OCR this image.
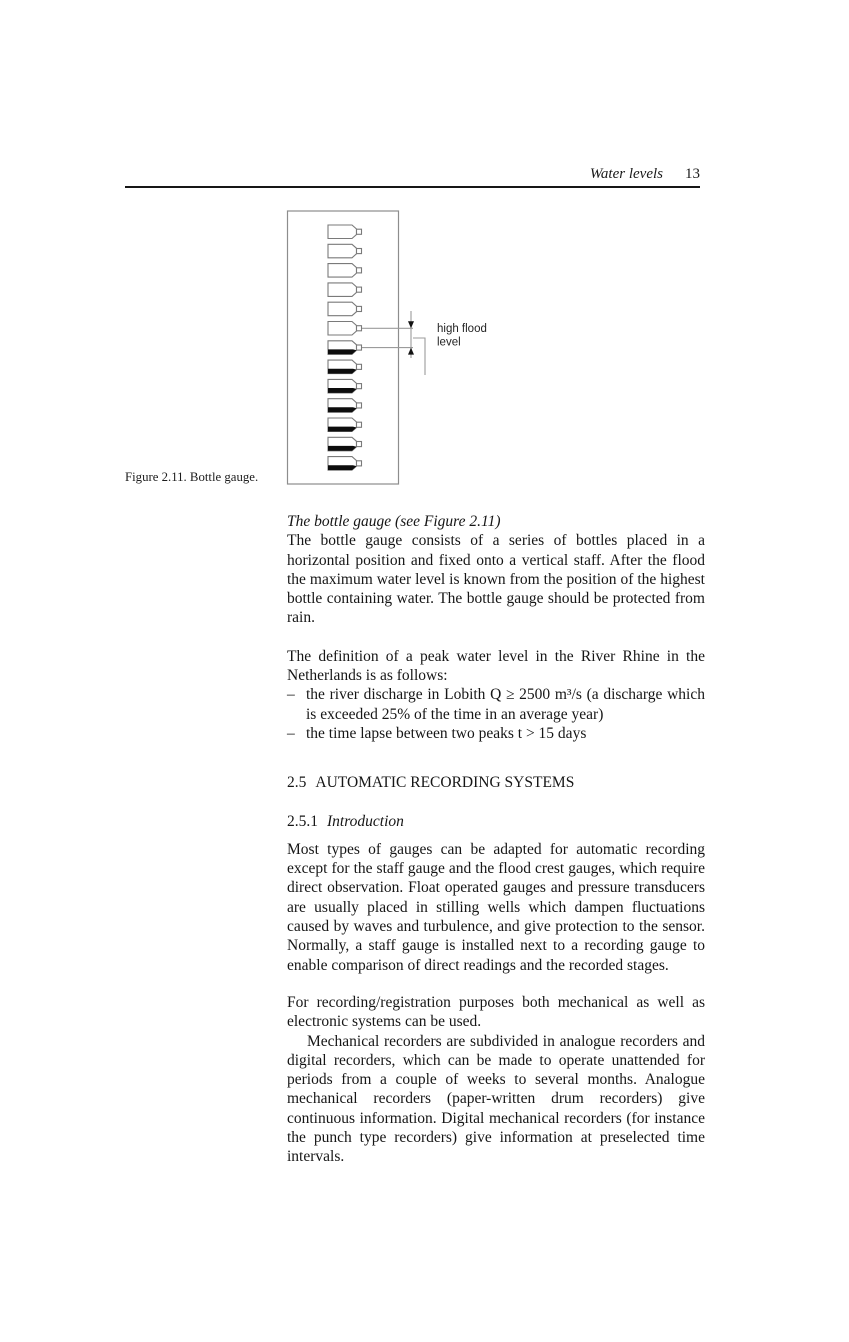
Water levels 13
high flood
level
Figure 2.11. Bottle gauge.

The bottle gauge (see Figure 2.11)

The bottle gauge consists of a series of bottles placed in a horizontal position and fixed onto a vertical staff. After the flood the maximum water level is known from the position of the highest bottle containing water. The bottle gauge should be protected from rain.

The definition of a peak water level in the River Rhine in the Netherlands is as follows:

– the river discharge in Lobith Q ≥ 2500 m³/s (a discharge which is exceeded 25% of the time in an average year)
– the time lapse between two peaks t > 15 days
2.5 AUTOMATIC RECORDING SYSTEMS
2.5.1 Introduction

Most types of gauges can be adapted for automatic recording except for the staff gauge and the flood crest gauges, which require direct observation. Float operated gauges and pressure transducers are usually placed in stilling wells which dampen fluctuations caused by waves and turbulence, and give protection to the sensor. Normally, a staff gauge is installed next to a recording gauge to enable comparison of direct readings and the recorded stages.

For recording/registration purposes both mechanical as well as electronic systems can be used.

Mechanical recorders are subdivided in analogue recorders and digital recorders, which can be made to operate unattended for periods from a couple of weeks to several months. Analogue mechanical recorders (paper-written drum recorders) give continuous information. Digital mechanical recorders (for instance the punch type recorders) give information at preselected time intervals.
